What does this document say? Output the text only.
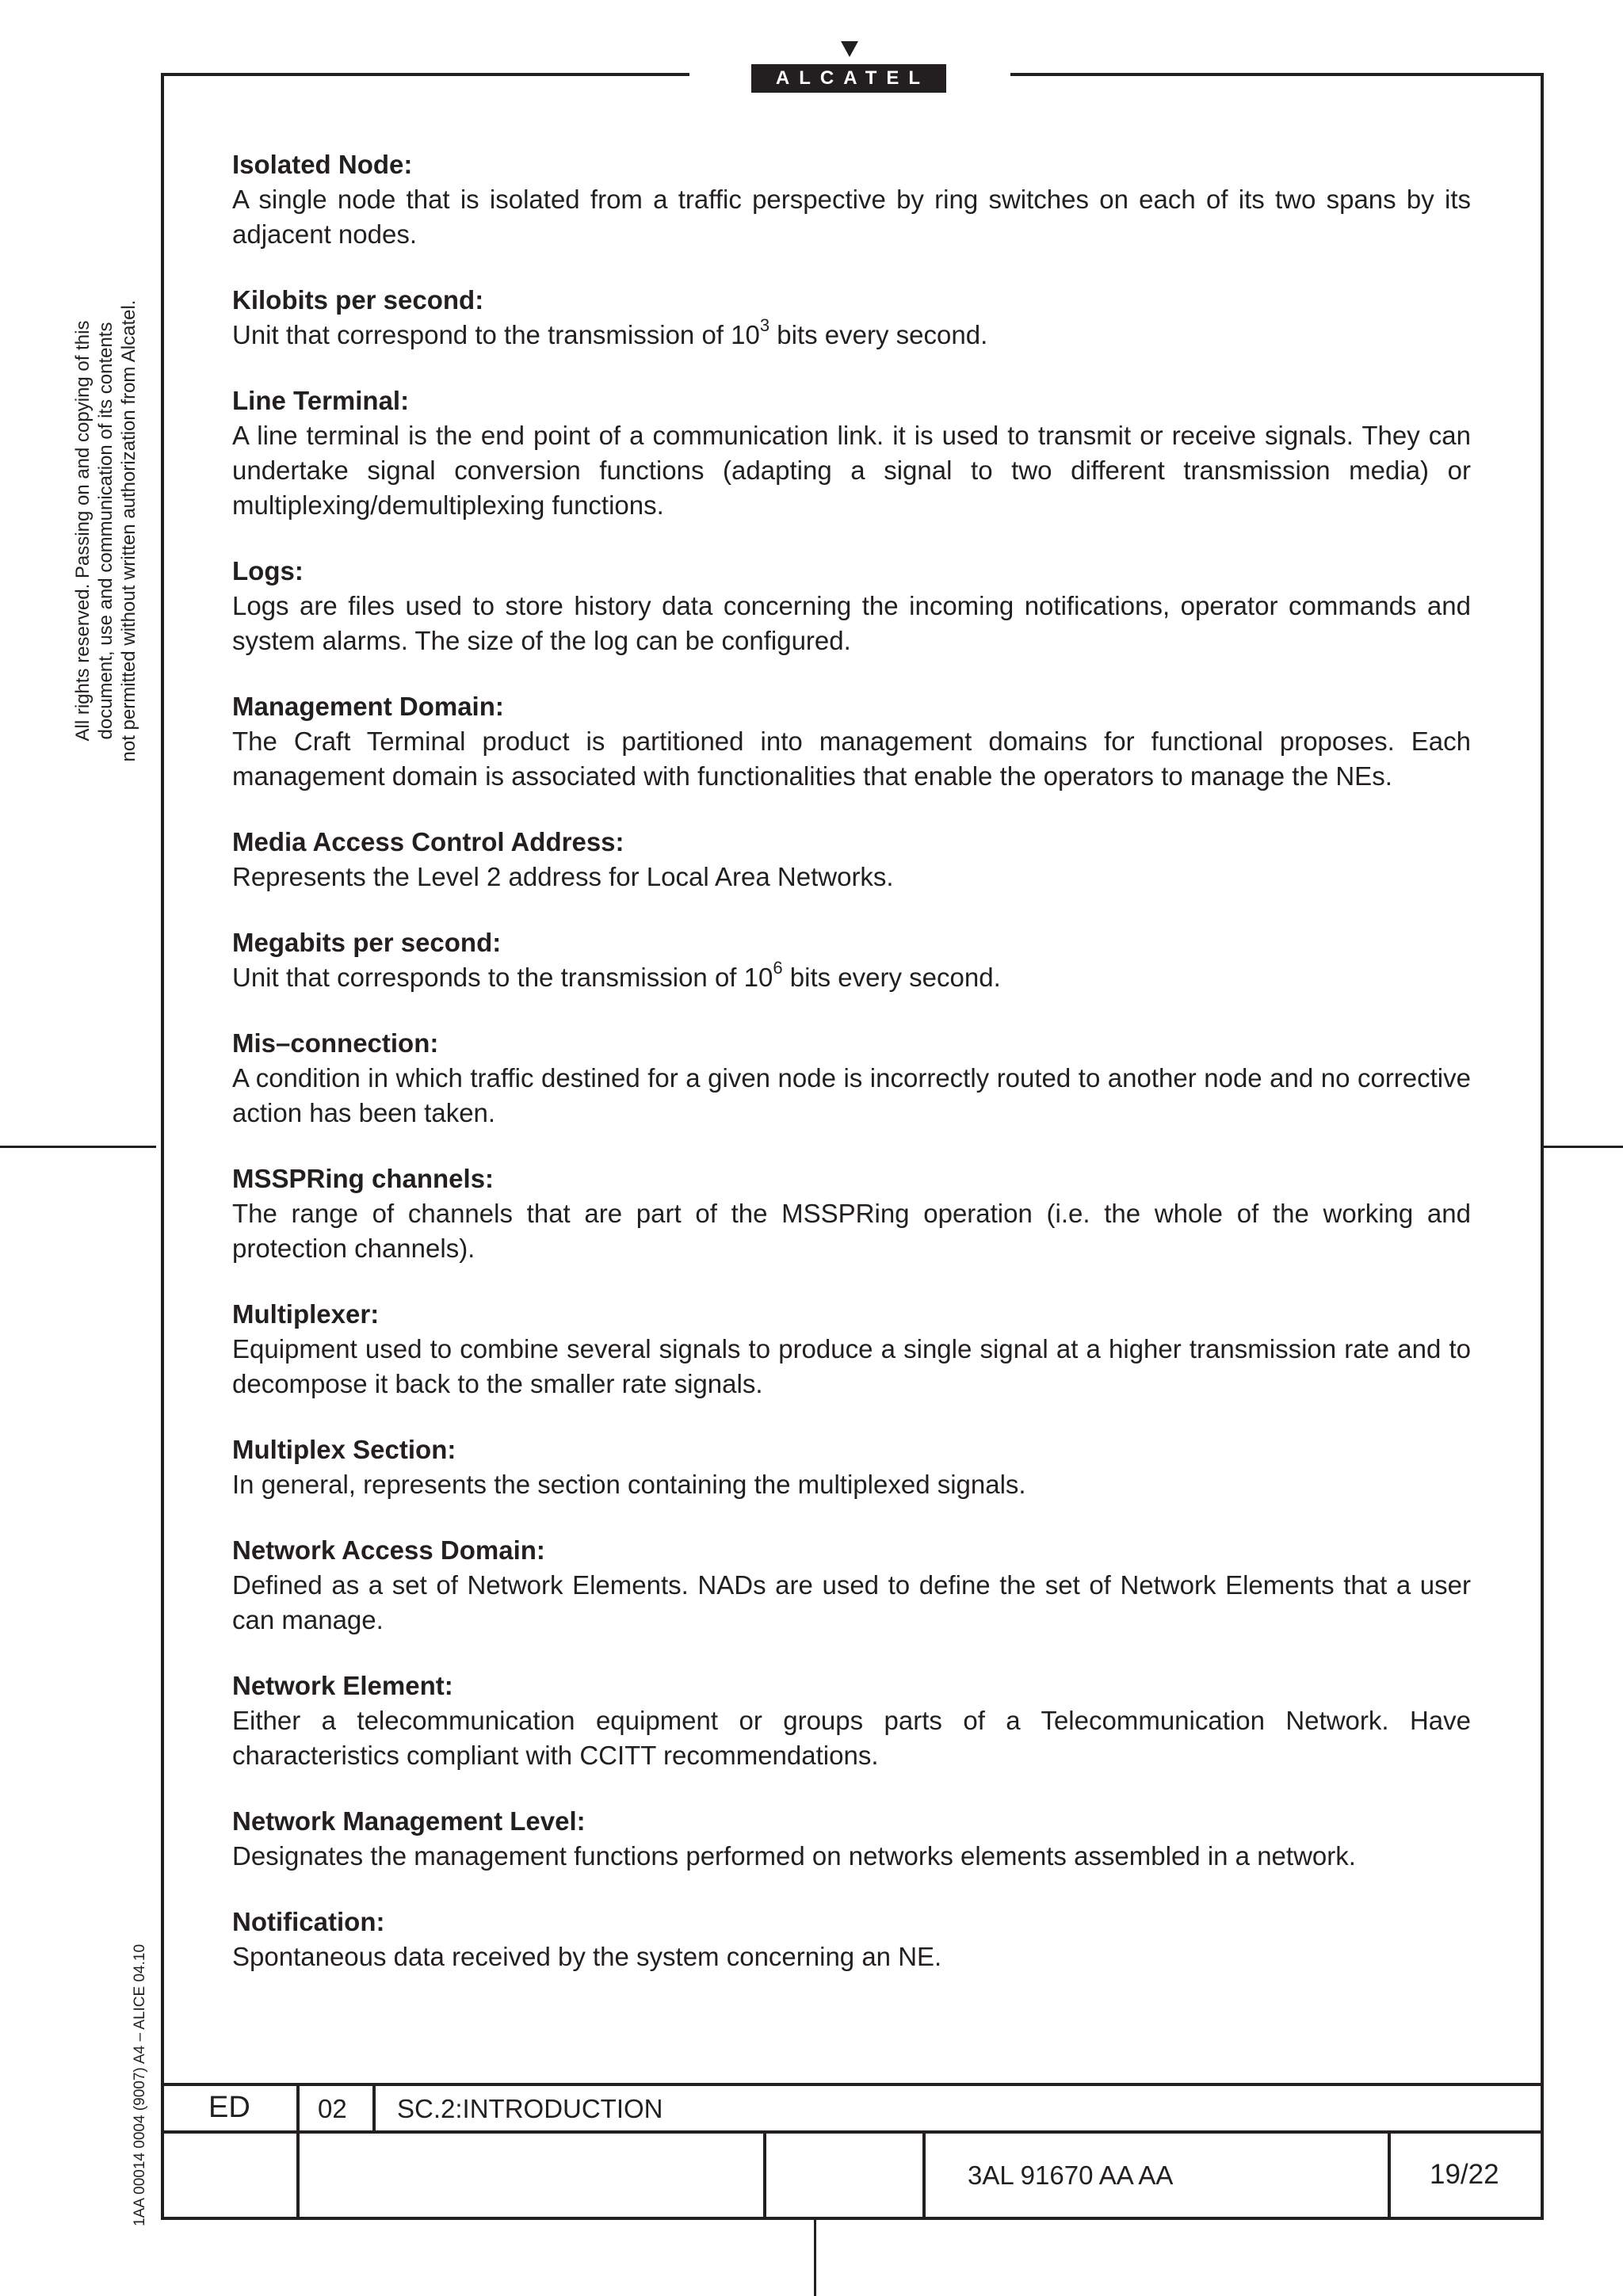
ALCATEL
All rights reserved. Passing on and copying of this document, use and communication of its contents not permitted without written authorization from Alcatel.
1AA 00014 0004 (9007) A4 – ALICE 04.10
Isolated Node:
A single node that is isolated from a traffic perspective by ring switches on each of its two spans by its adjacent nodes.
Kilobits per second:
Unit that correspond to the transmission of $10^3$ bits every second.
Line Terminal:
A line terminal is the end point of a communication link. it is used to transmit or receive signals. They can undertake signal conversion functions (adapting a signal to two different transmission media) or multiplexing/demultiplexing functions.
Logs:
Logs are files used to store history data concerning the incoming notifications, operator commands and system alarms. The size of the log can be configured.
Management Domain:
The Craft Terminal product is partitioned into management domains for functional proposes. Each management domain is associated with functionalities that enable the operators to manage the NEs.
Media Access Control Address:
Represents the Level 2 address for Local Area Networks.
Megabits per second:
Unit that corresponds to the transmission of $10^6$ bits every second.
Mis–connection:
A condition in which traffic destined for a given node is incorrectly routed to another node and no corrective action has been taken.
MSSPRing channels:
The range of channels that are part of the MSSPRing operation (i.e. the whole of the working and protection channels).
Multiplexer:
Equipment used to combine several signals to produce a single signal at a higher transmission rate and to decompose it back to the smaller rate signals.
Multiplex Section:
In general, represents the section containing the multiplexed signals.
Network Access Domain:
Defined as a set of Network Elements. NADs are used to define the set of Network Elements that a user can manage.
Network Element:
Either a telecommunication equipment or groups parts of a Telecommunication Network. Have characteristics compliant with CCITT recommendations.
Network Management Level:
Designates the management functions performed on networks elements assembled in a network.
Notification:
Spontaneous data received by the system concerning an NE.
ED	02 SC.2:INTRODUCTION
3AL 91670 AA AA	19/22
